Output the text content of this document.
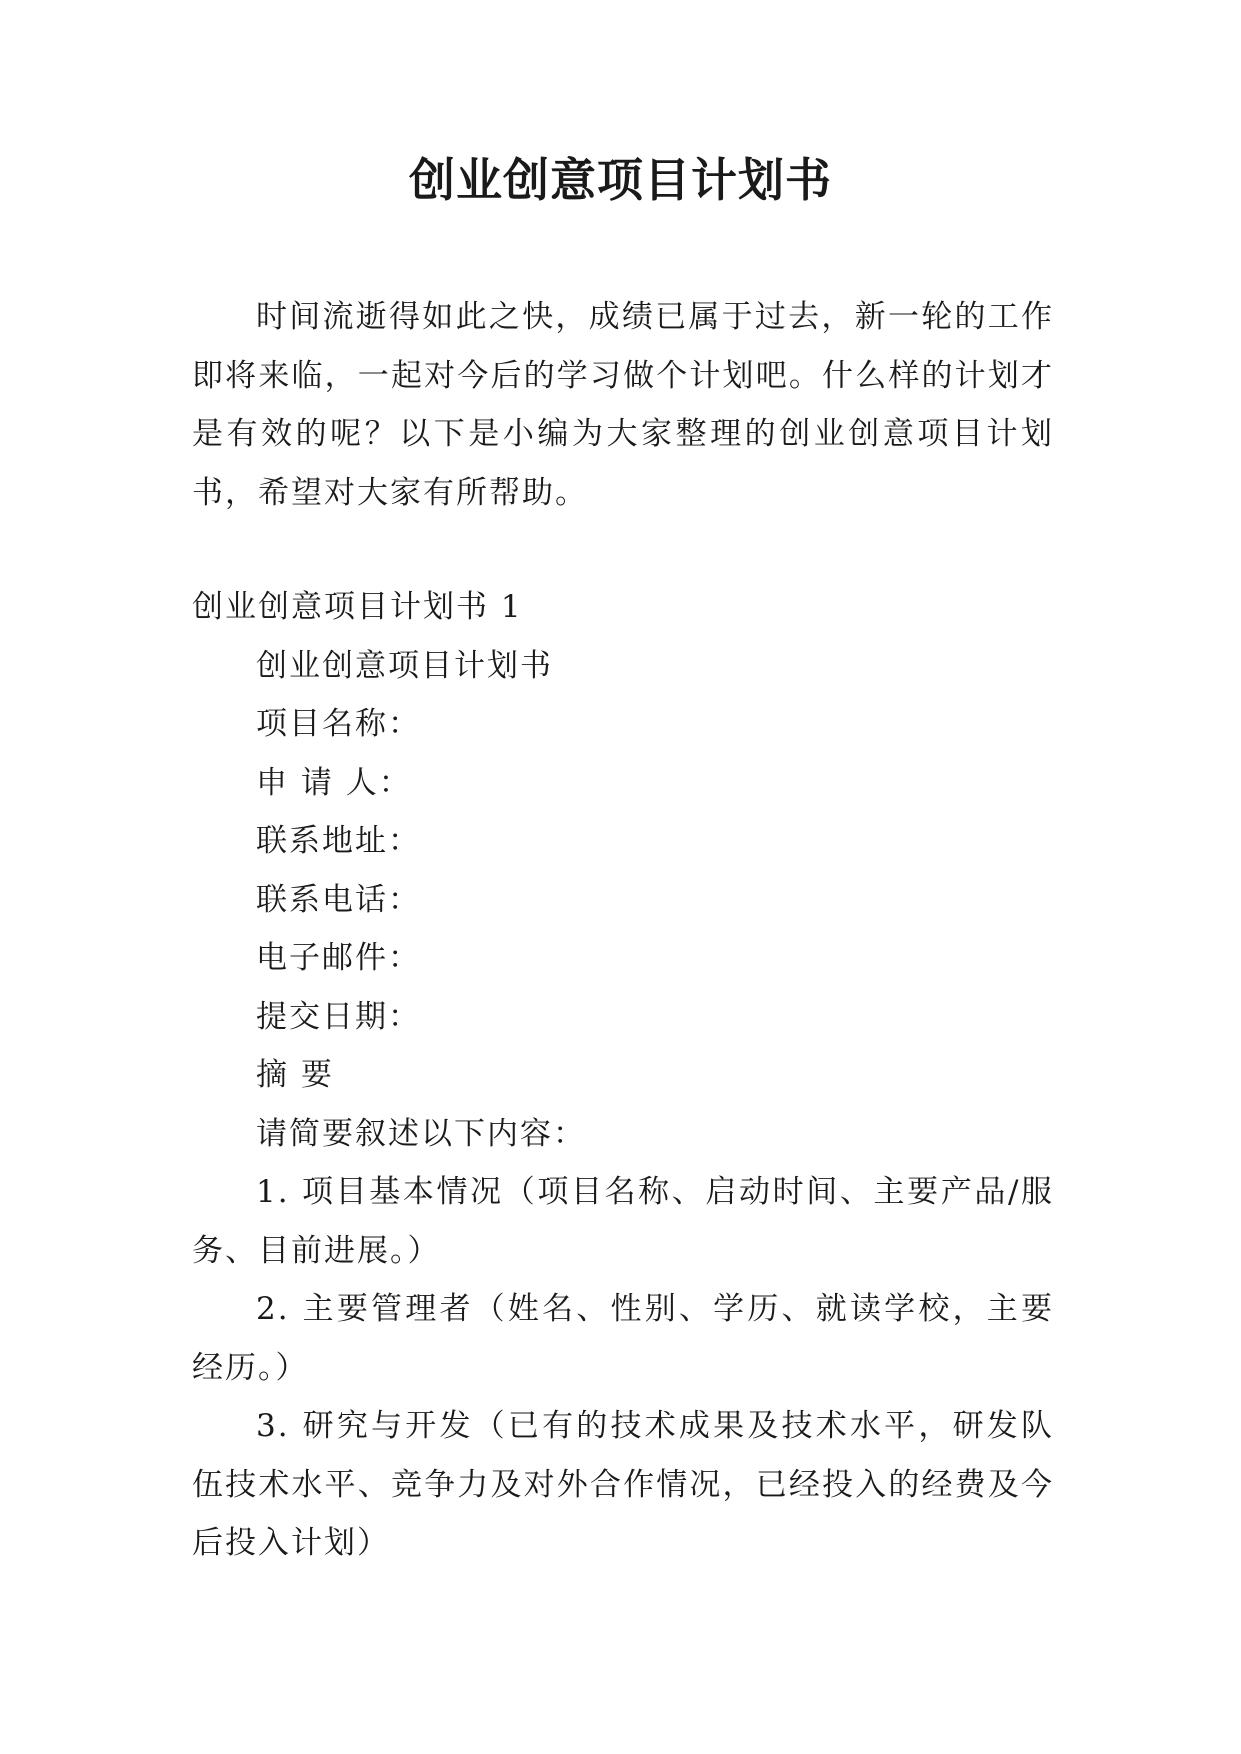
创业创意项目计划书

时间流逝得如此之快，成绩已属于过去，新一轮的工作即将来临，一起对今后的学习做个计划吧。什么样的计划才是有效的呢？以下是小编为大家整理的创业创意项目计划书，希望对大家有所帮助。

创业创意项目计划书 1

创业创意项目计划书

项目名称：

申 请 人：

联系地址：

联系电话：

电子邮件：

提交日期：

摘 要

请简要叙述以下内容：

1. 项目基本情况（项目名称、启动时间、主要产品/服务、目前进展。）

2. 主要管理者（姓名、性别、学历、就读学校，主要经历。）

3. 研究与开发（已有的技术成果及技术水平，研发队伍技术水平、竞争力及对外合作情况，已经投入的经费及今后投入计划）
